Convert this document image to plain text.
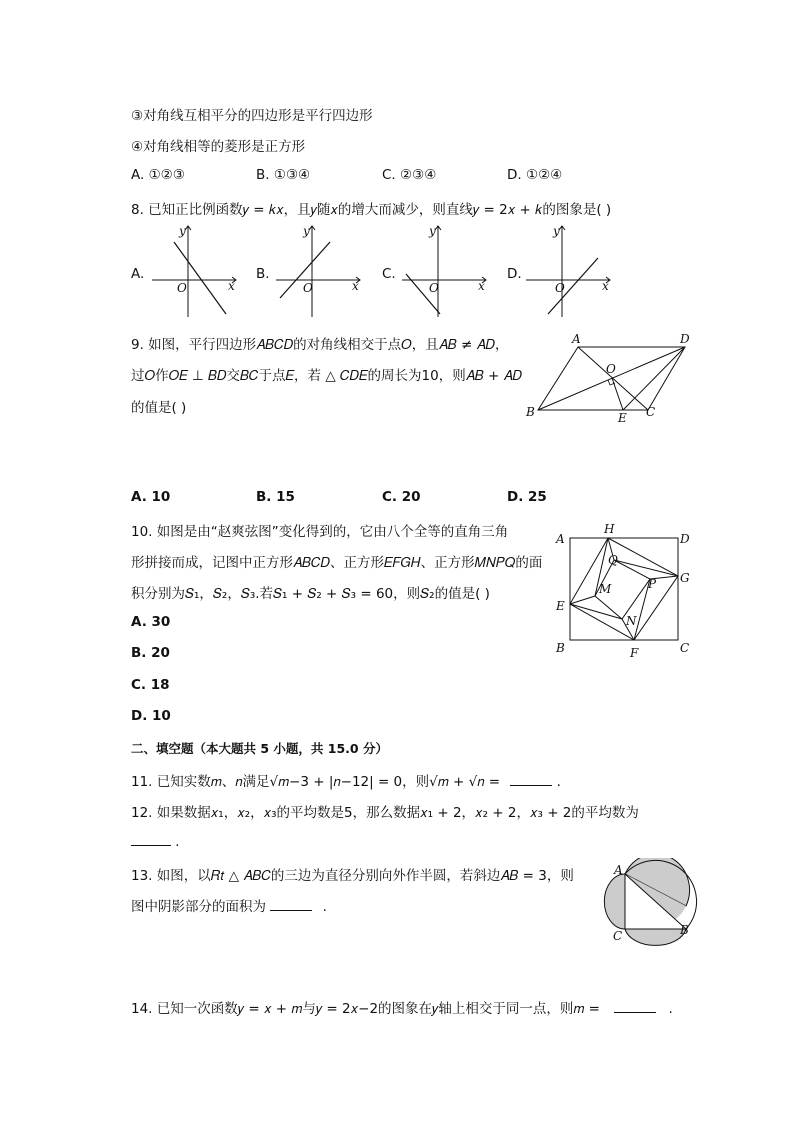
③对角线互相平分的四边形是平行四边形
④对角线相等的菱形是正方形
A. ①②③	B. ①③④	C. ②③④	D. ①②④
8. 已知正比例函数𝑦 = 𝑘𝑥，且𝑦随𝑥的增大而减少，则直线𝑦 = 2𝑥 + 𝑘的图象是( )
A.	B.	C.	D.
x
y
O	x
y
O	x
y
O	x
y
O
9. 如图，平行四边形𝐴𝐵𝐶𝐷的对角线相交于点𝑂，且𝐴𝐵 ≠ 𝐴𝐷，
过𝑂作𝑂𝐸 ⊥ 𝐵𝐷交𝐵𝐶于点𝐸，若 △ 𝐶𝐷𝐸的周长为10，则𝐴𝐵 + 𝐴𝐷
的值是( )
A	D
B	C
O
E
A. 10	B. 15	C. 20	D. 25
10. 如图是由“赵爽弦图”变化得到的，它由八个全等的直角三角
形拼接而成，记图中正方形𝐴𝐵𝐶𝐷、正方形𝐸𝐹𝐺𝐻、正方形𝑀𝑁𝑃𝑄的面
积分别为𝑆₁，𝑆₂，𝑆₃.若𝑆₁ + 𝑆₂ + 𝑆₃ = 60，则𝑆₂的值是( )
A. 30
B. 20
C. 18
D. 10
A	D
B	C
H
G
F
E
Q
P
N
M
二、填空题（本大题共 5 小题，共 15.0 分）
11. 已知实数𝑚、𝑛满足√𝑚−3 + |𝑛−12| = 0，则√𝑚 + √𝑛 =	.
12. 如果数据𝑥₁，𝑥₂，𝑥₃的平均数是5，那么数据𝑥₁ + 2，𝑥₂ + 2，𝑥₃ + 2的平均数为
.
13. 如图，以𝑅𝑡 △ 𝐴𝐵𝐶的三边为直径分别向外作半圆，若斜边𝐴𝐵 = 3，则
图中阴影部分的面积为	.
A
C	B
14. 已知一次函数𝑦 = 𝑥 + 𝑚与𝑦 = 2𝑥−2的图象在𝑦轴上相交于同一点，则𝑚 =	.
